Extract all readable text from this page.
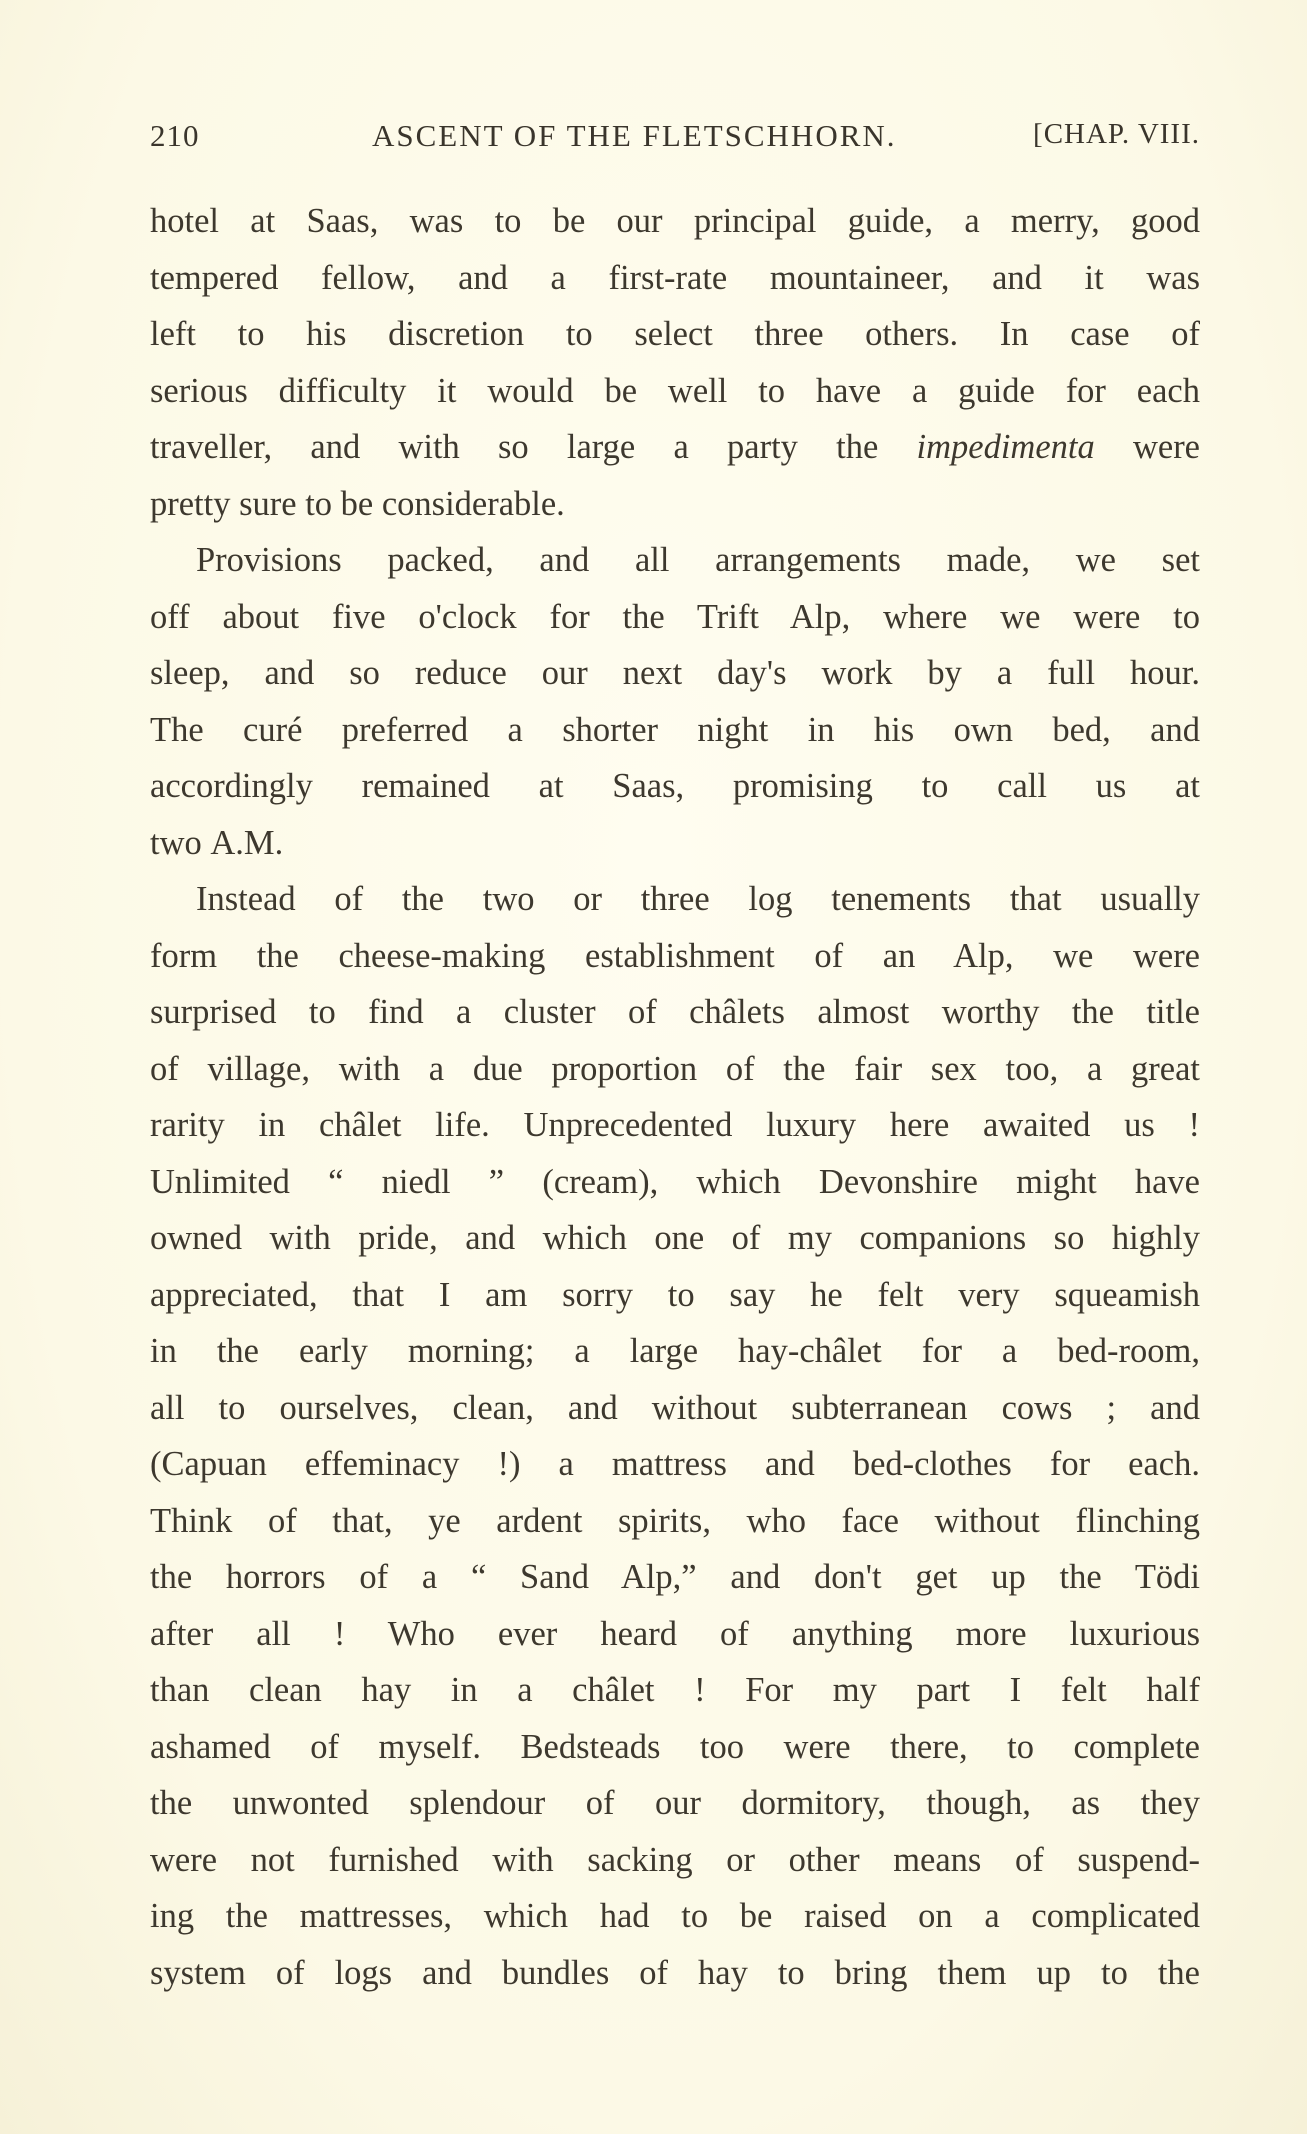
210	ASCENT OF THE FLETSCHHORN.	[CHAP. VIII.
hotel at Saas, was to be our principal guide, a merry, good
tempered fellow, and a first-rate mountaineer, and it was
left to his discretion to select three others. In case of
serious difficulty it would be well to have a guide for each
traveller, and with so large a party the impedimenta were
pretty sure to be considerable.
Provisions packed, and all arrangements made, we set
off about five o'clock for the Trift Alp, where we were to
sleep, and so reduce our next day's work by a full hour.
The curé preferred a shorter night in his own bed, and
accordingly remained at Saas, promising to call us at
two A.M.
Instead of the two or three log tenements that usually
form the cheese-making establishment of an Alp, we were
surprised to find a cluster of châlets almost worthy the title
of village, with a due proportion of the fair sex too, a great
rarity in châlet life. Unprecedented luxury here awaited us !
Unlimited “ niedl ” (cream), which Devonshire might have
owned with pride, and which one of my companions so highly
appreciated, that I am sorry to say he felt very squeamish
in the early morning; a large hay-châlet for a bed-room,
all to ourselves, clean, and without subterranean cows ; and
(Capuan effeminacy !) a mattress and bed-clothes for each.
Think of that, ye ardent spirits, who face without flinching
the horrors of a “ Sand Alp,” and don't get up the Tödi
after all ! Who ever heard of anything more luxurious
than clean hay in a châlet ! For my part I felt half
ashamed of myself. Bedsteads too were there, to complete
the unwonted splendour of our dormitory, though, as they
were not furnished with sacking or other means of suspend-
ing the mattresses, which had to be raised on a complicated
system of logs and bundles of hay to bring them up to the
